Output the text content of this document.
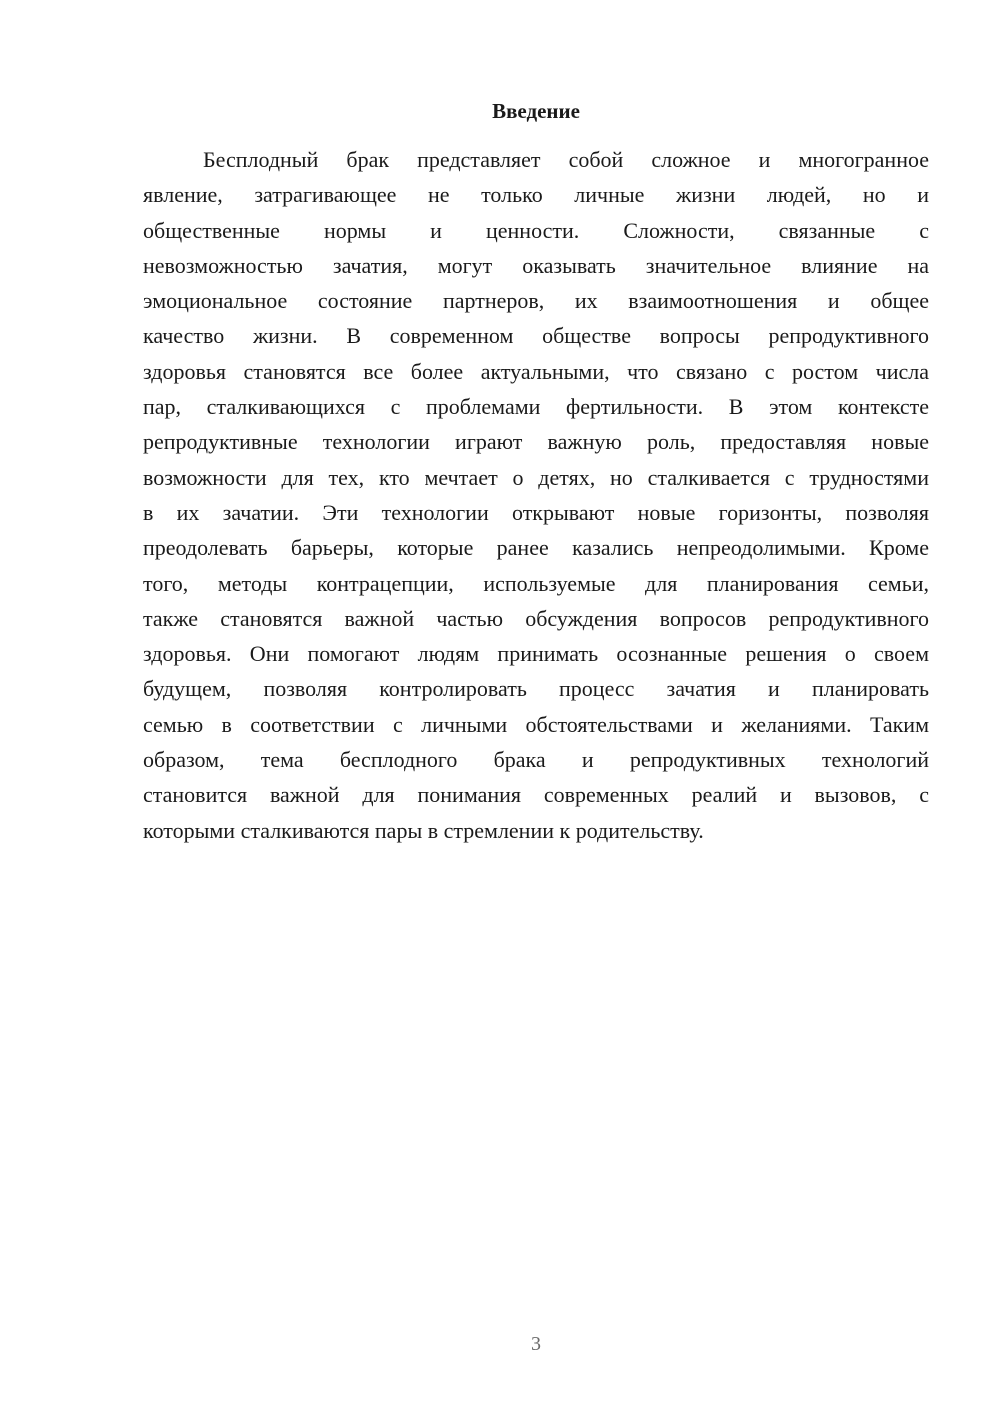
Введение
Бесплодный брак представляет собой сложное и многогранное
явление, затрагивающее не только личные жизни людей, но и
общественные нормы и ценности. Сложности, связанные с
невозможностью зачатия, могут оказывать значительное влияние на
эмоциональное состояние партнеров, их взаимоотношения и общее
качество жизни. В современном обществе вопросы репродуктивного
здоровья становятся все более актуальными, что связано с ростом числа
пар, сталкивающихся с проблемами фертильности. В этом контексте
репродуктивные технологии играют важную роль, предоставляя новые
возможности для тех, кто мечтает о детях, но сталкивается с трудностями
в их зачатии. Эти технологии открывают новые горизонты, позволяя
преодолевать барьеры, которые ранее казались непреодолимыми. Кроме
того, методы контрацепции, используемые для планирования семьи,
также становятся важной частью обсуждения вопросов репродуктивного
здоровья. Они помогают людям принимать осознанные решения о своем
будущем, позволяя контролировать процесс зачатия и планировать
семью в соответствии с личными обстоятельствами и желаниями. Таким
образом, тема бесплодного брака и репродуктивных технологий
становится важной для понимания современных реалий и вызовов, с
которыми сталкиваются пары в стремлении к родительству.
3
